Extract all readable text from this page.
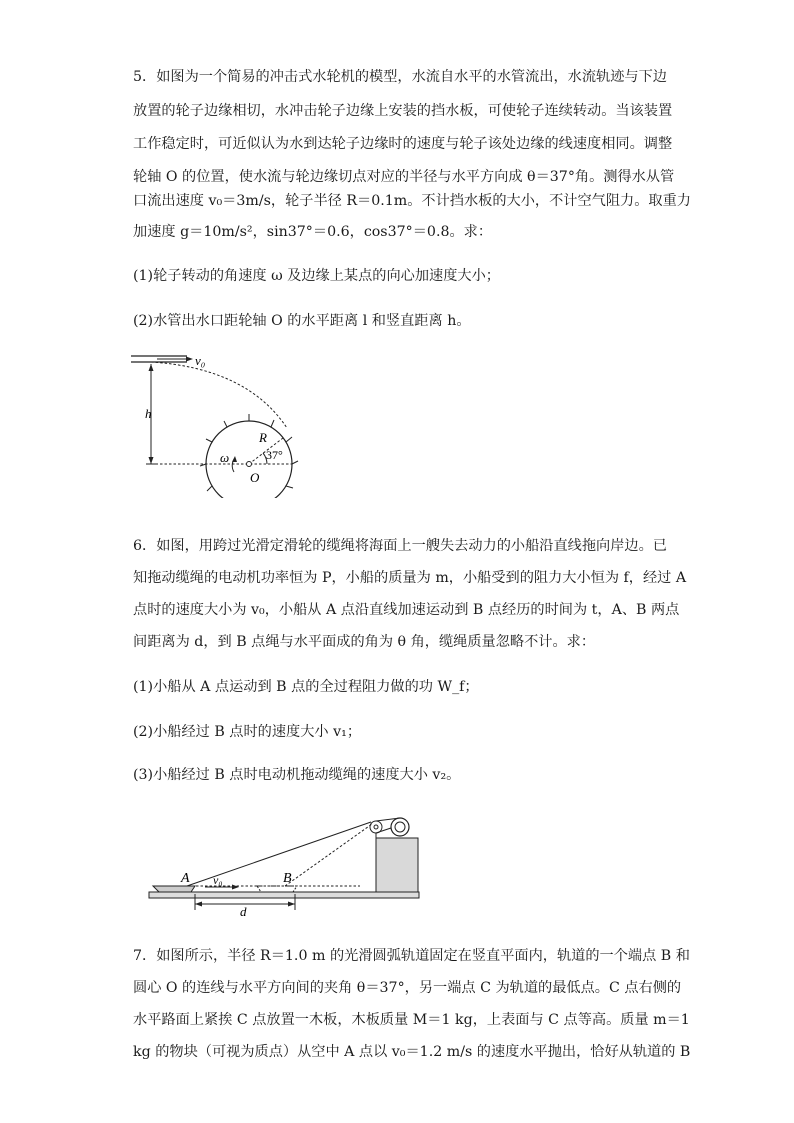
5．如图为一个简易的冲击式水轮机的模型，水流自水平的水管流出，水流轨迹与下边
放置的轮子边缘相切，水冲击轮子边缘上安装的挡水板，可使轮子连续转动。当该装置
工作稳定时，可近似认为水到达轮子边缘时的速度与轮子该处边缘的线速度相同。调整
轮轴 O 的位置，使水流与轮边缘切点对应的半径与水平方向成 θ＝37°角。测得水从管
口流出速度 v₀＝3m/s，轮子半径 R＝0.1m。不计挡水板的大小，不计空气阻力。取重力
加速度 g＝10m/s²，sin37°＝0.6，cos37°＝0.8。求：
(1)轮子转动的角速度 ω 及边缘上某点的向心加速度大小；
(2)水管出水口距轮轴 O 的水平距离 l 和竖直距离 h。
v₀
h
R
37°
O
ω
6．如图，用跨过光滑定滑轮的缆绳将海面上一艘失去动力的小船沿直线拖向岸边。已
知拖动缆绳的电动机功率恒为 P，小船的质量为 m，小船受到的阻力大小恒为 f，经过 A
点时的速度大小为 v₀，小船从 A 点沿直线加速运动到 B 点经历的时间为 t，A、B 两点
间距离为 d，到 B 点绳与水平面成的角为 θ 角，缆绳质量忽略不计。求：
(1)小船从 A 点运动到 B 点的全过程阻力做的功 W_f；
(2)小船经过 B 点时的速度大小 v₁；
(3)小船经过 B 点时电动机拖动缆绳的速度大小 v₂。
A v₀	B
d
7．如图所示，半径 R＝1.0 m 的光滑圆弧轨道固定在竖直平面内，轨道的一个端点 B 和
圆心 O 的连线与水平方向间的夹角 θ＝37°，另一端点 C 为轨道的最低点。C 点右侧的
水平路面上紧挨 C 点放置一木板，木板质量 M＝1 kg，上表面与 C 点等高。质量 m＝1
kg 的物块（可视为质点）从空中 A 点以 v₀＝1.2 m/s 的速度水平抛出，恰好从轨道的 B
